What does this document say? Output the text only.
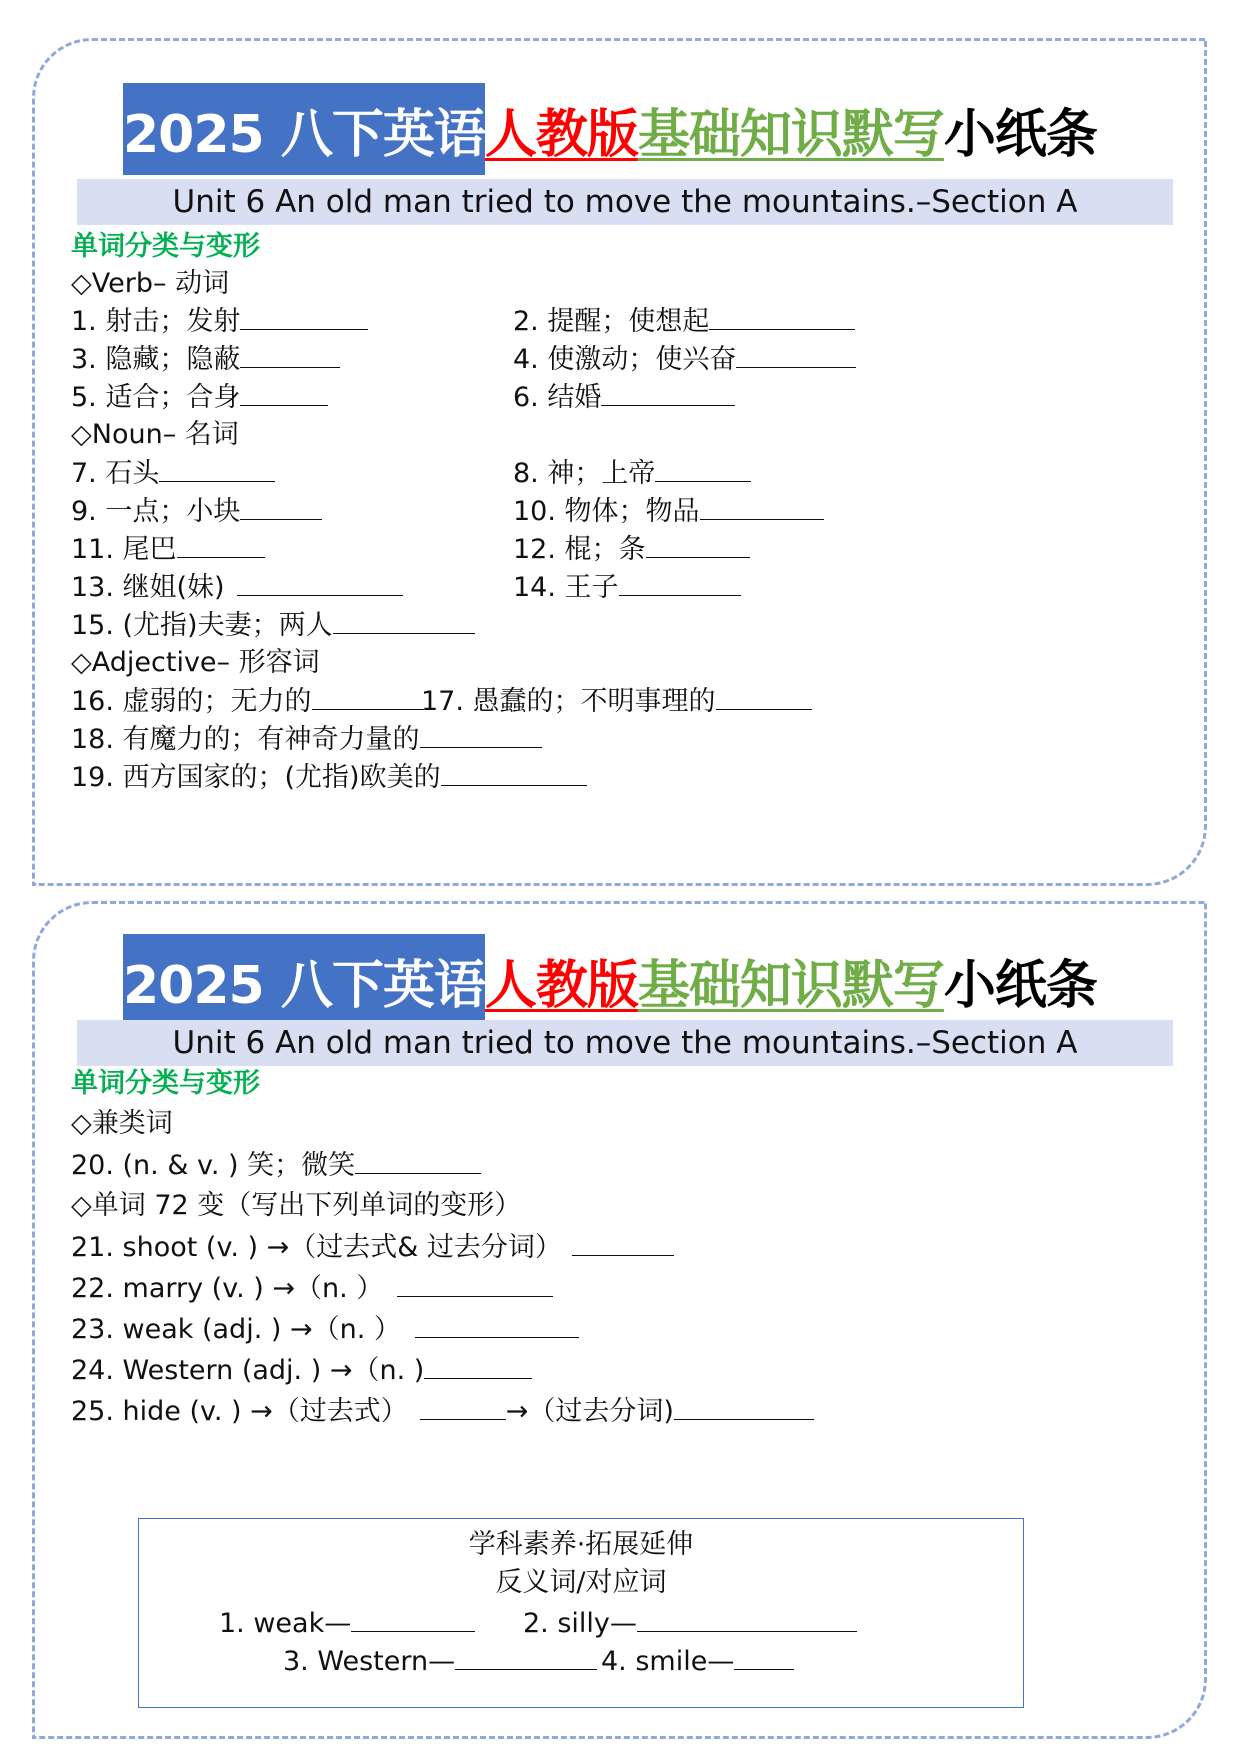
2025 八下英语 人教版 基础知识默写 小纸条
Unit 6 An old man tried to move the mountains.–Section A
单词分类与变形
◇Verb– 动词
1. 射击；发射	2. 提醒；使想起
3. 隐藏；隐蔽	4. 使激动；使兴奋
5. 适合；合身	6. 结婚
◇Noun– 名词
7. 石头	8. 神；上帝
9. 一点；小块	10. 物体；物品
11. 尾巴	12. 棍；条
13. 继姐(妹)	14. 王子
15. (尤指)夫妻；两人
◇Adjective– 形容词
16. 虚弱的；无力的	17. 愚蠢的；不明事理的
18. 有魔力的；有神奇力量的
19. 西方国家的；(尤指)欧美的
2025 八下英语 人教版 基础知识默写 小纸条
Unit 6 An old man tried to move the mountains.–Section A
单词分类与变形
◇兼类词
20. (n. & v. ) 笑；微笑
◇单词 72 变（写出下列单词的变形）
21. shoot (v. ) →（过去式& 过去分词）
22. marry (v. ) →（n. ）
23. weak (adj. ) →（n. ）
24. Western (adj. ) →（n. )
25. hide (v. ) →（过去式）	→（过去分词)
学科素养·拓展延伸
反义词/对应词
1. weak—	2. silly—
3. Western—	4. smile—
